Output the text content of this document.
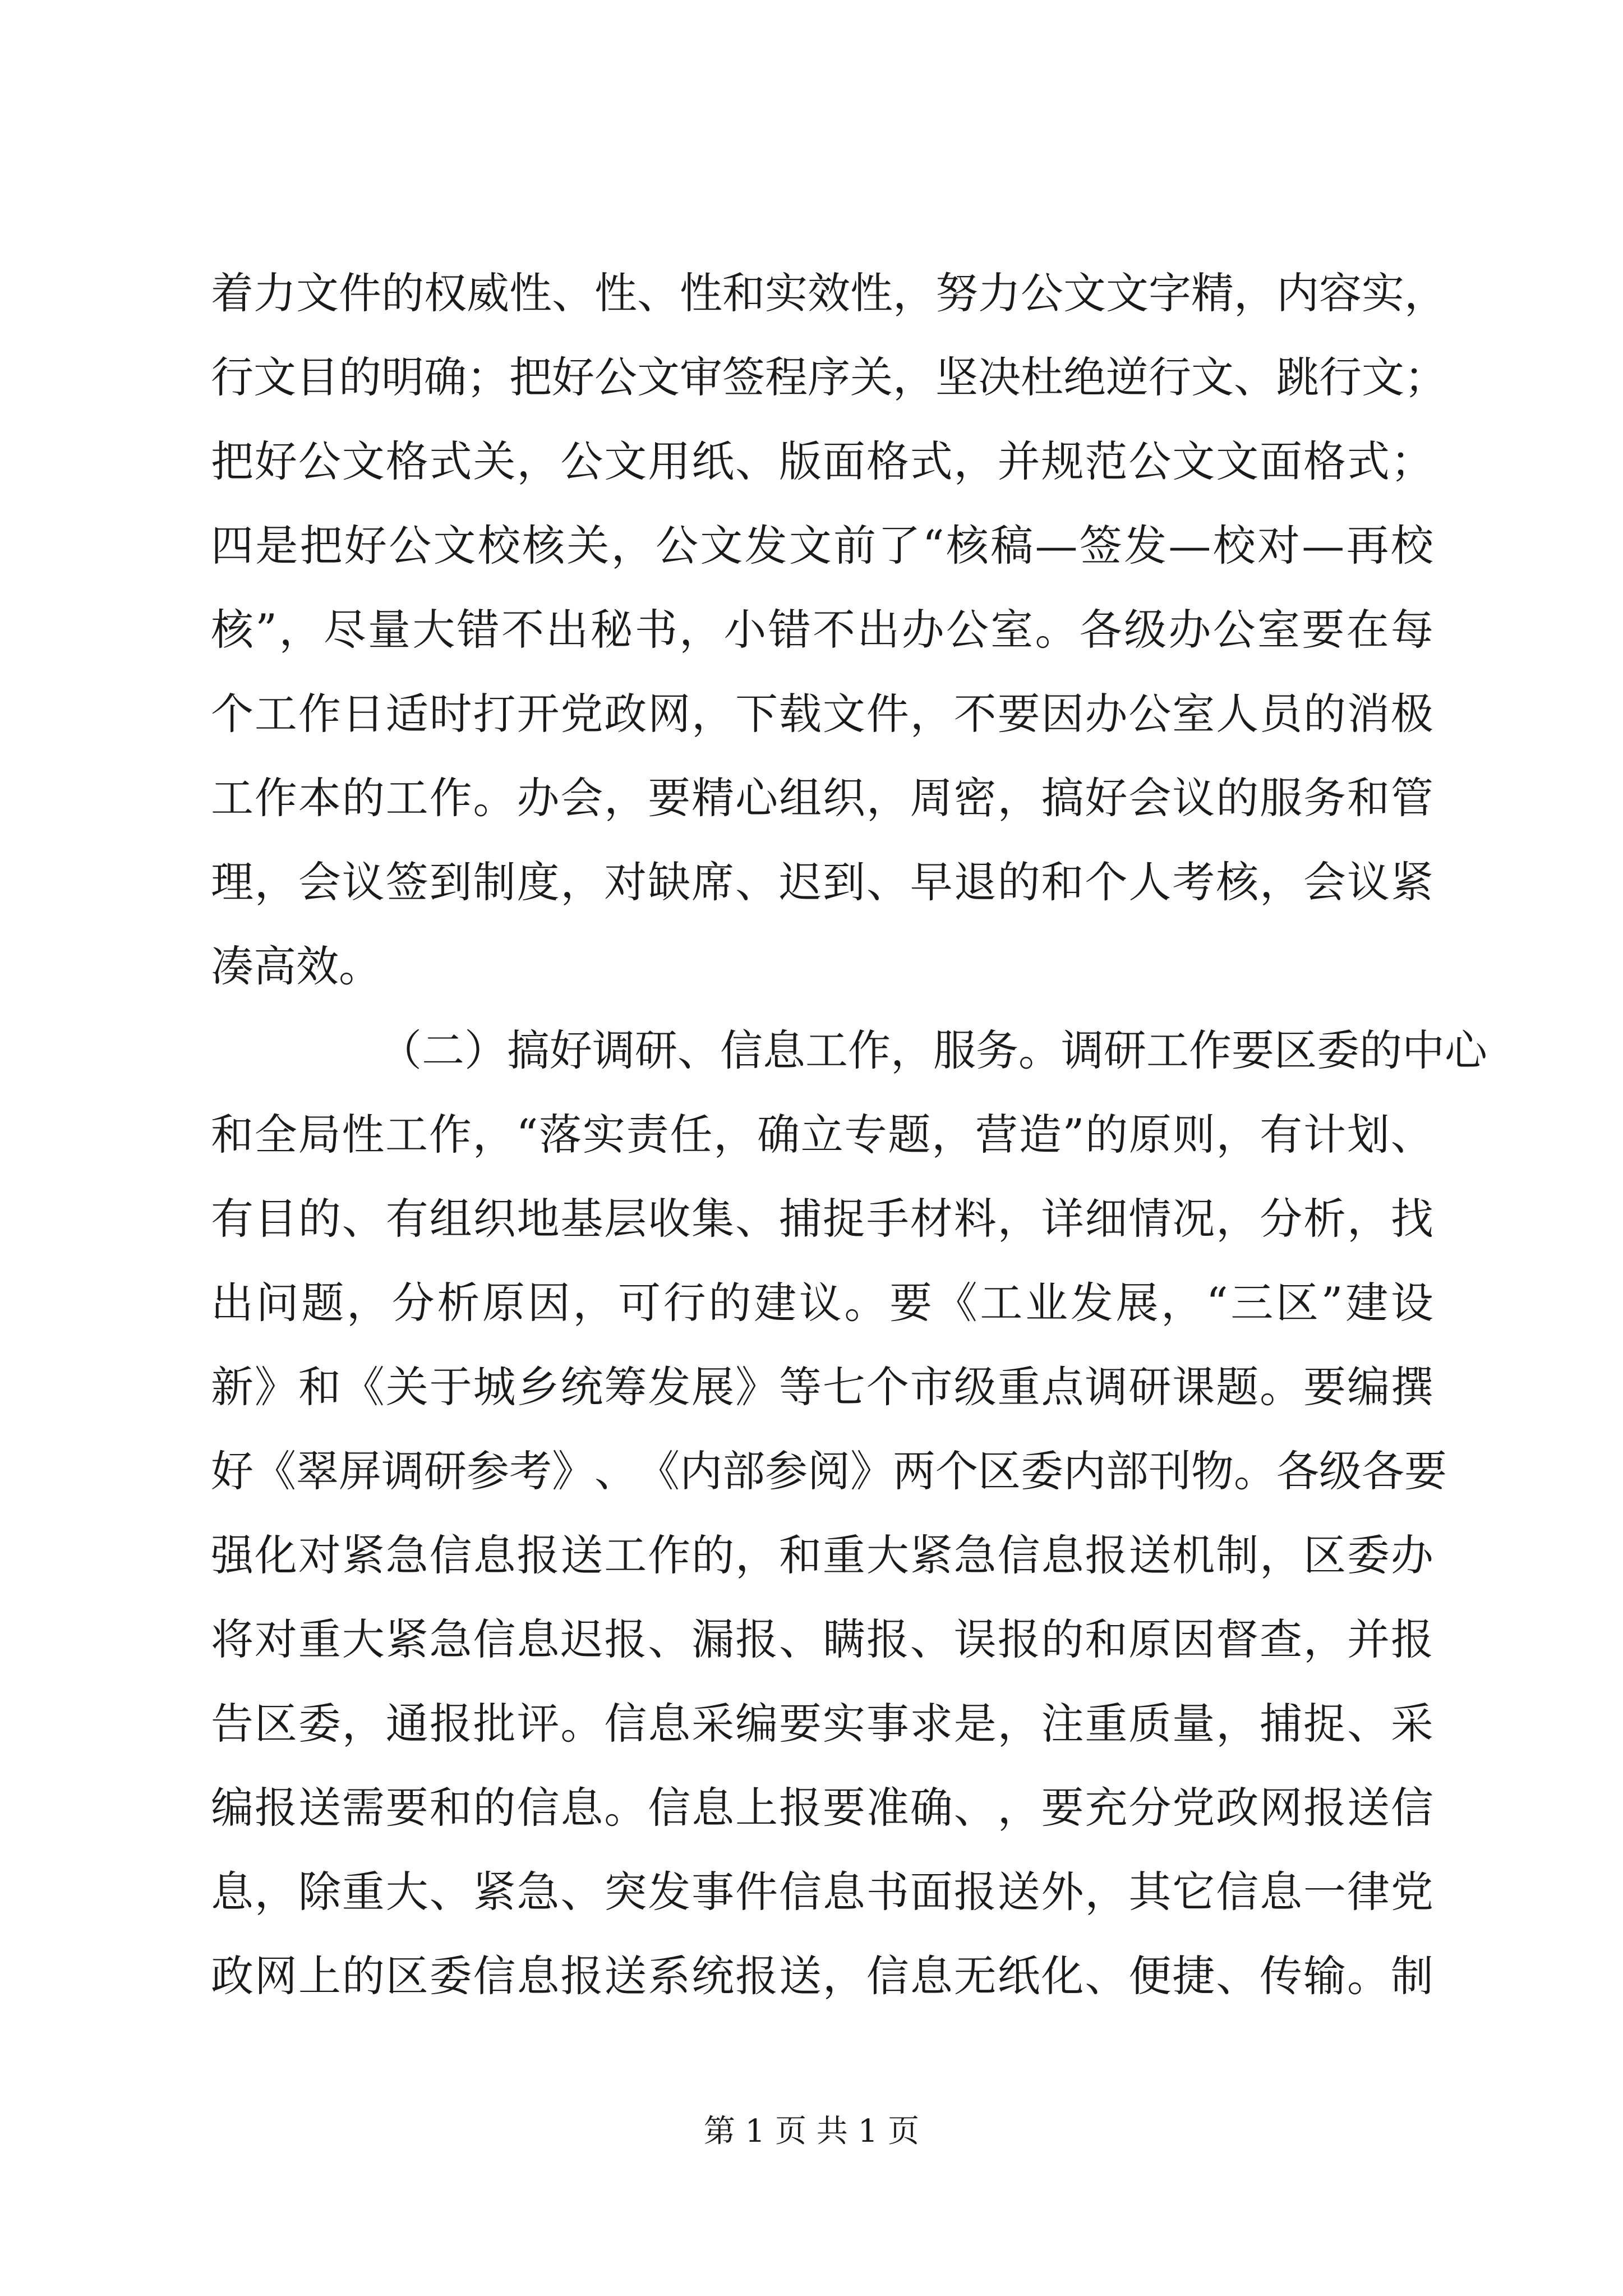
着 力 文 件 的 权 威 性 、 性 、 性 和 实 效 性 ， 努 力 公 文 文 字 精 ， 内 容 实 ，
行 文 目 的 明 确 ； 把 好 公 文 审 签 程 序 关 ， 坚 决 杜 绝 逆 行 文 、 跳 行 文 ；
把 好 公 文 格 式 关 ， 公 文 用 纸 、 版 面 格 式 ， 并 规 范 公 文 文 面 格 式 ；
四 是 把 好 公 文 校 核 关 ， 公 文 发 文 前 了 “ 核 稿 — 签 发 — 校 对 — 再 校
核 ” ， 尽 量 大 错 不 出 秘 书 ， 小 错 不 出 办 公 室 。 各 级 办 公 室 要 在 每
个 工 作 日 适 时 打 开 党 政 网 ， 下 载 文 件 ， 不 要 因 办 公 室 人 员 的 消 极
工 作 本 的 工 作 。 办 会 ， 要 精 心 组 织 ， 周 密 ， 搞 好 会 议 的 服 务 和 管
理 ， 会 议 签 到 制 度 ， 对 缺 席 、 迟 到 、 早 退 的 和 个 人 考 核 ， 会 议 紧
凑高效。
（ 二 ） 搞 好 调 研 、 信 息 工 作 ， 服 务 。 调 研 工 作 要 区 委 的 中 心
和 全 局 性 工 作 ， “ 落 实 责 任 ， 确 立 专 题 ， 营 造 ” 的 原 则 ， 有 计 划 、
有 目 的 、 有 组 织 地 基 层 收 集 、 捕 捉 手 材 料 ， 详 细 情 况 ， 分 析 ， 找
出 问 题 ， 分 析 原 因 ， 可 行 的 建 议 。 要 《 工 业 发 展 ， “ 三 区 ” 建 设
新 》 和 《 关 于 城 乡 统 筹 发 展 》 等 七 个 市 级 重 点 调 研 课 题 。 要 编 撰
好 《 翠 屏 调 研 参 考 》 、 《 内 部 参 阅 》 两 个 区 委 内 部 刊 物 。 各 级 各 要
强 化 对 紧 急 信 息 报 送 工 作 的 ， 和 重 大 紧 急 信 息 报 送 机 制 ， 区 委 办
将 对 重 大 紧 急 信 息 迟 报 、 漏 报 、 瞒 报 、 误 报 的 和 原 因 督 查 ， 并 报
告 区 委 ， 通 报 批 评 。 信 息 采 编 要 实 事 求 是 ， 注 重 质 量 ， 捕 捉 、 采
编 报 送 需 要 和 的 信 息 。 信 息 上 报 要 准 确 、 ， 要 充 分 党 政 网 报 送 信
息 ， 除 重 大 、 紧 急 、 突 发 事 件 信 息 书 面 报 送 外 ， 其 它 信 息 一 律 党
政 网 上 的 区 委 信 息 报 送 系 统 报 送 ， 信 息 无 纸 化 、 便 捷 、 传 输 。 制
第 1 页 共 1 页
